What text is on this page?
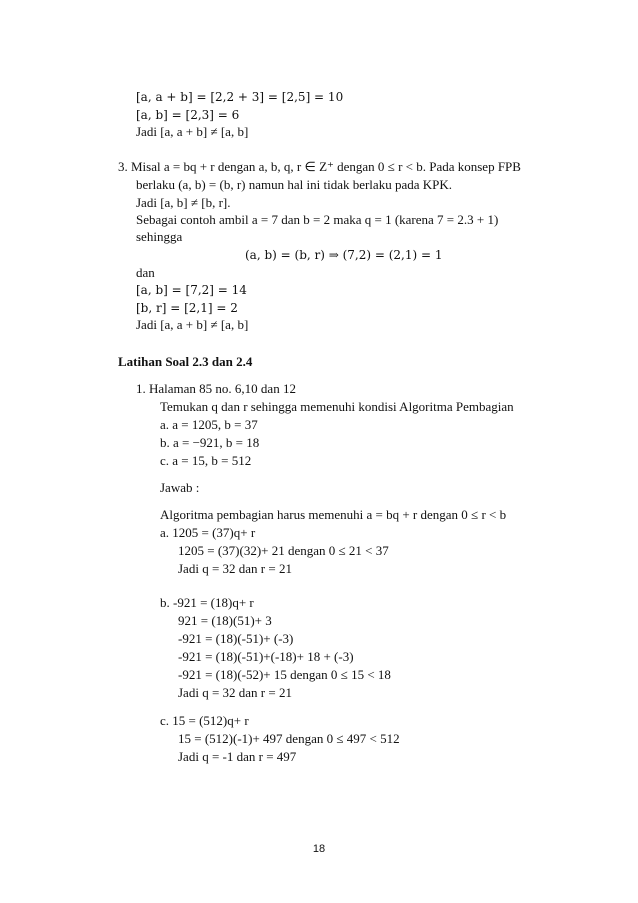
[a, a + b] = [2,2 + 3] = [2,5] = 10
[a, b] = [2,3] = 6
Jadi [a, a + b] ≠ [a, b]
3. Misal a = bq + r dengan a, b, q, r ∈ Z⁺ dengan 0 ≤ r < b. Pada konsep FPB
berlaku (a, b) = (b, r) namun hal ini tidak berlaku pada KPK.
Jadi [a, b] ≠ [b, r].
Sebagai contoh ambil a = 7 dan b = 2 maka q = 1 (karena 7 = 2.3 + 1)
sehingga
(a, b) = (b, r) ⇒ (7,2) = (2,1) = 1
dan
[a, b] = [7,2] = 14
[b, r] = [2,1] = 2
Jadi [a, a + b] ≠ [a, b]
Latihan Soal 2.3 dan 2.4
1. Halaman 85 no. 6,10 dan 12
Temukan q dan r sehingga memenuhi kondisi Algoritma Pembagian
a. a = 1205, b = 37
b. a = −921, b = 18
c. a = 15, b = 512
Jawab :
Algoritma pembagian harus memenuhi a = bq + r dengan 0 ≤ r < b
a. 1205 = (37)q+ r
1205 = (37)(32)+ 21 dengan 0 ≤ 21 < 37
Jadi q = 32 dan r = 21
b. -921 = (18)q+ r
921 = (18)(51)+ 3
-921 = (18)(-51)+ (-3)
-921 = (18)(-51)+(-18)+ 18 + (-3)
-921 = (18)(-52)+ 15 dengan 0 ≤ 15 < 18
Jadi q = 32 dan r = 21
c. 15 = (512)q+ r
15 = (512)(-1)+ 497 dengan 0 ≤ 497 < 512
Jadi q = -1 dan r = 497
18
